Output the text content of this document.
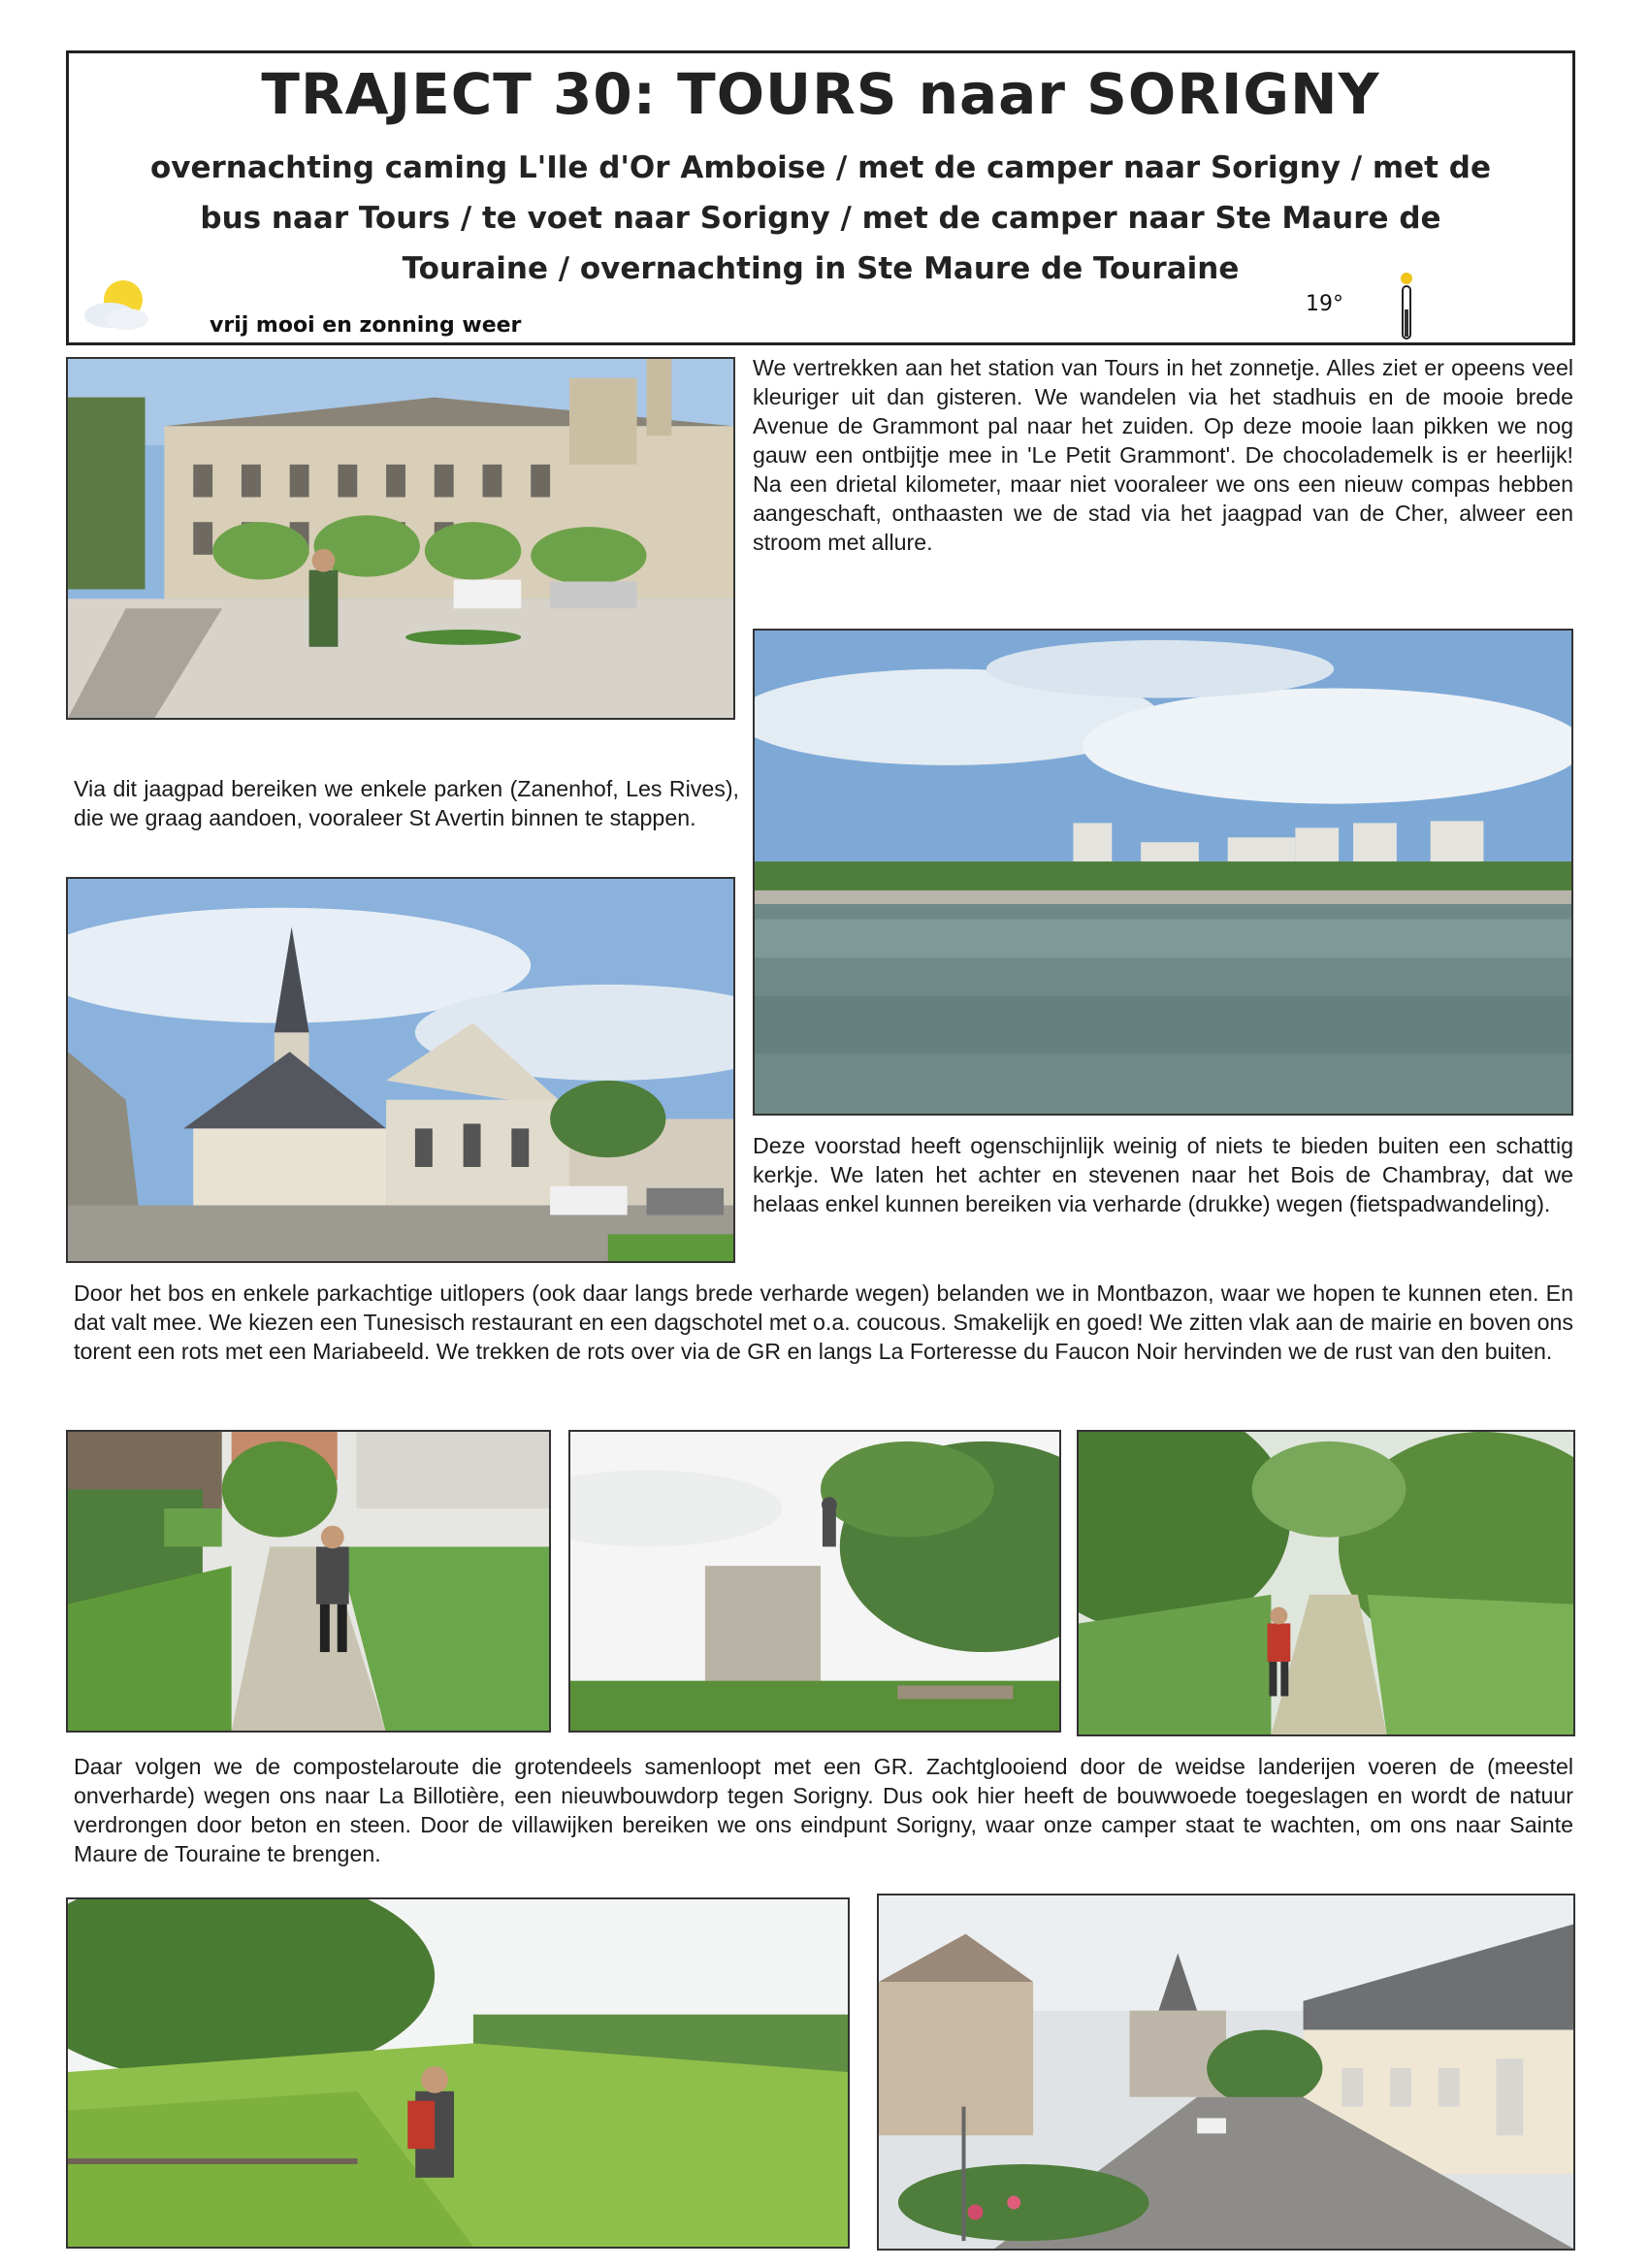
TRAJECT 30: TOURS naar SORIGNY
overnachting caming L'Ile d'Or Amboise / met de camper naar Sorigny / met de bus naar Tours / te voet naar Sorigny / met de camper naar Ste Maure de Touraine / overnachting in Ste Maure de Touraine
vrij mooi en zonning weer
19°
We vertrekken aan het station van Tours in het zonnetje. Alles ziet er opeens veel kleuriger uit dan gisteren. We wandelen via het stadhuis en de mooie brede Avenue de Grammont pal naar het zuiden. Op deze mooie laan pikken we nog gauw een ontbijtje mee in 'Le Petit Grammont'. De chocolademelk is er heerlijk! Na een drietal kilometer, maar niet vooraleer we ons een nieuw compas hebben aangeschaft, onthaasten we de stad via het jaagpad van de Cher, alweer een stroom met allure.
Via dit jaagpad bereiken we enkele parken (Zanenhof, Les Rives), die we graag aandoen, vooraleer St Avertin binnen te stappen.
Deze voorstad heeft ogenschijnlijk weinig of niets te bieden buiten een schattig kerkje. We laten het achter en stevenen naar het Bois de Chambray, dat we helaas enkel kunnen bereiken via verharde (drukke) wegen (fietspadwandeling).
Door het bos en enkele parkachtige uitlopers (ook daar langs brede verharde wegen) belanden we in Montbazon, waar we hopen te kunnen eten. En dat valt mee. We kiezen een Tunesisch restaurant en een dagschotel met o.a. coucous. Smakelijk en goed! We zitten vlak aan de mairie en boven ons torent een rots met een Mariabeeld. We trekken de rots over via de GR en langs La Forteresse du Faucon Noir hervinden we de rust van den buiten.
Daar volgen we de compostelaroute die grotendeels samenloopt met een GR. Zachtglooiend door de weidse landerijen voeren de (meestel onverharde) wegen ons naar La Billotière, een nieuwbouwdorp tegen Sorigny. Dus ook hier heeft de bouwwoede toegeslagen en wordt de natuur verdrongen door beton en steen. Door de villawijken bereiken we ons eindpunt Sorigny, waar onze camper staat te wachten, om ons naar Sainte Maure de Touraine te brengen.
